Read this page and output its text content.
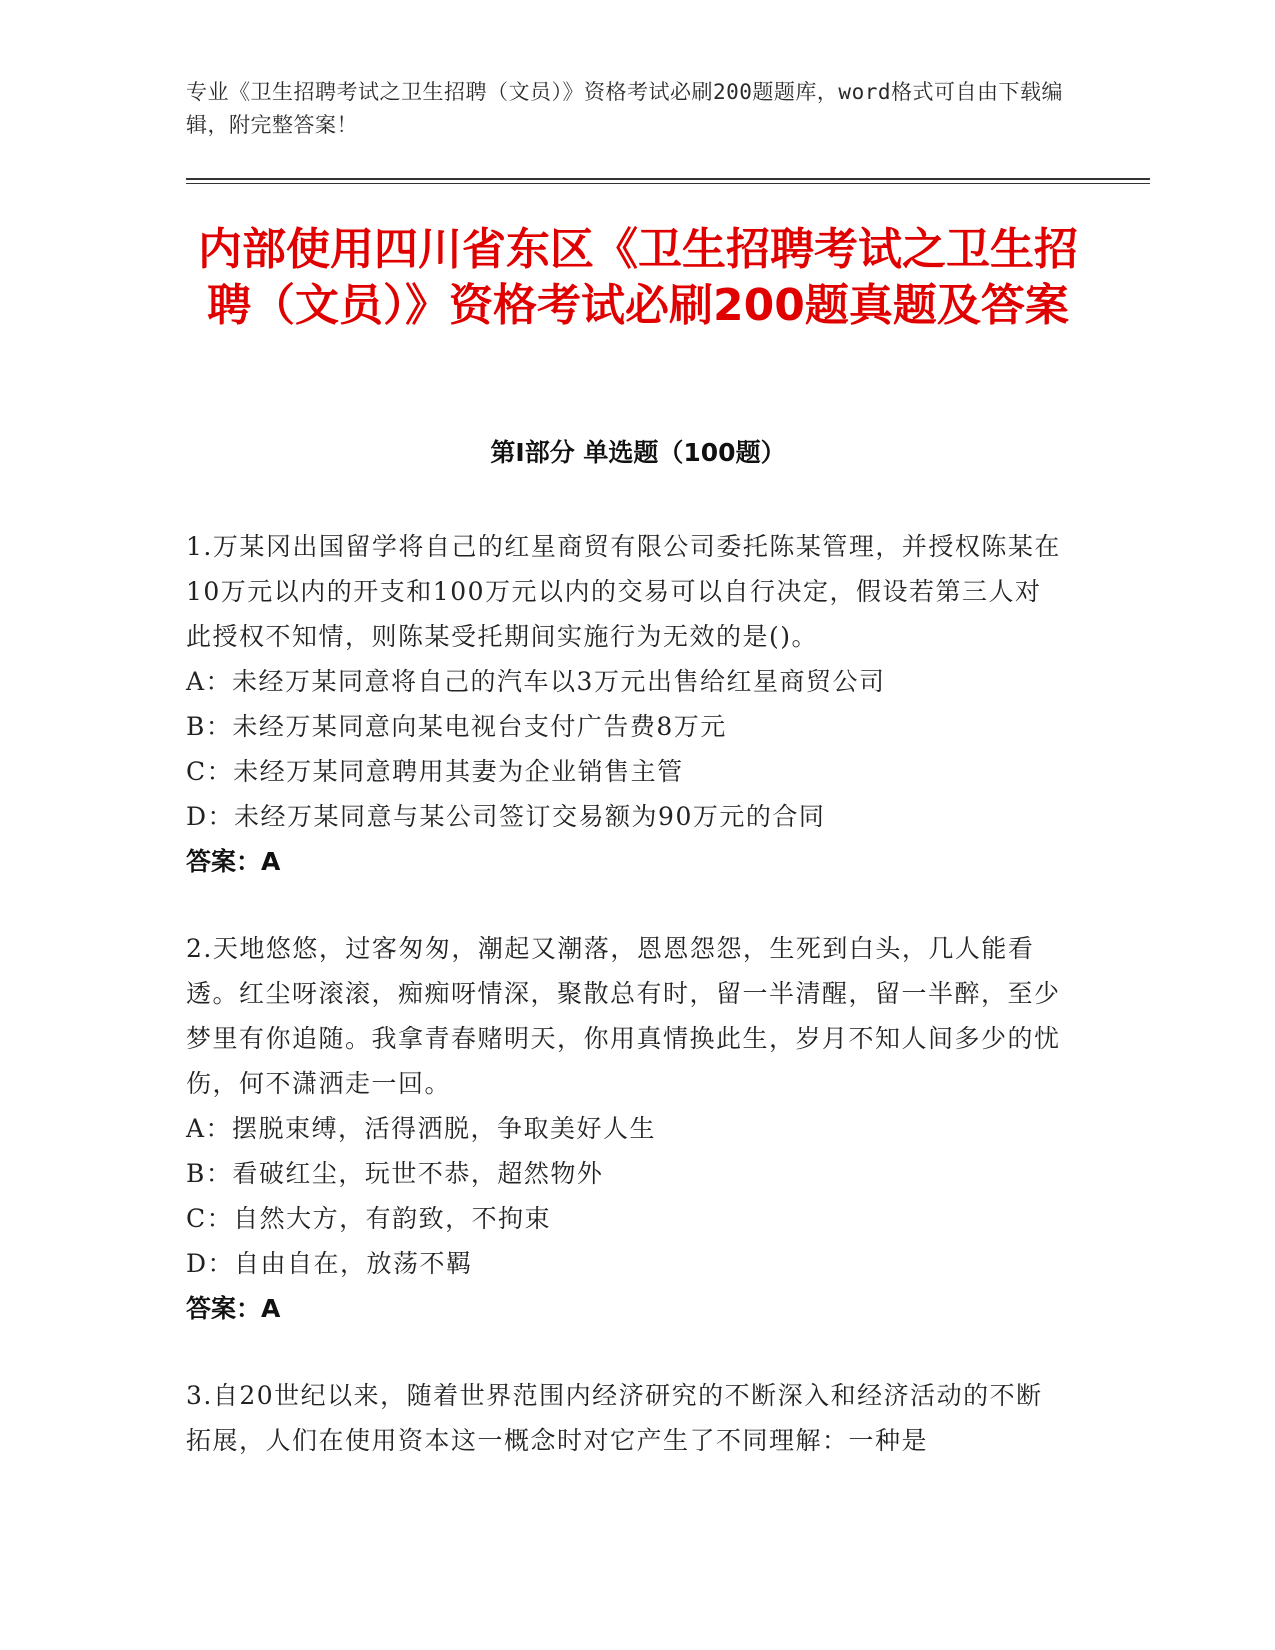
专业《卫生招聘考试之卫生招聘（文员）》资格考试必刷200题题库，word格式可自由下载编辑，附完整答案！
内部使用四川省东区《卫生招聘考试之卫生招聘（文员）》资格考试必刷200题真题及答案
第I部分 单选题（100题）

1.万某冈出国留学将自己的红星商贸有限公司委托陈某管理，并授权陈某在10万元以内的开支和100万元以内的交易可以自行决定，假设若第三人对此授权不知情，则陈某受托期间实施行为无效的是()。

A：未经万某同意将自己的汽车以3万元出售给红星商贸公司

B：未经万某同意向某电视台支付广告费8万元

C：未经万某同意聘用其妻为企业销售主管

D：未经万某同意与某公司签订交易额为90万元的合同

答案：A

2.天地悠悠，过客匆匆，潮起又潮落，恩恩怨怨，生死到白头，几人能看透。红尘呀滚滚，痴痴呀情深，聚散总有时，留一半清醒，留一半醉，至少梦里有你追随。我拿青春赌明天，你用真情换此生，岁月不知人间多少的忧伤，何不潇洒走一回。

A：摆脱束缚，活得洒脱，争取美好人生

B：看破红尘，玩世不恭，超然物外

C：自然大方，有韵致，不拘束

D：自由自在，放荡不羁

答案：A

3.自20世纪以来，随着世界范围内经济研究的不断深入和经济活动的不断拓展，人们在使用资本这一概念时对它产生了不同理解：一种是
